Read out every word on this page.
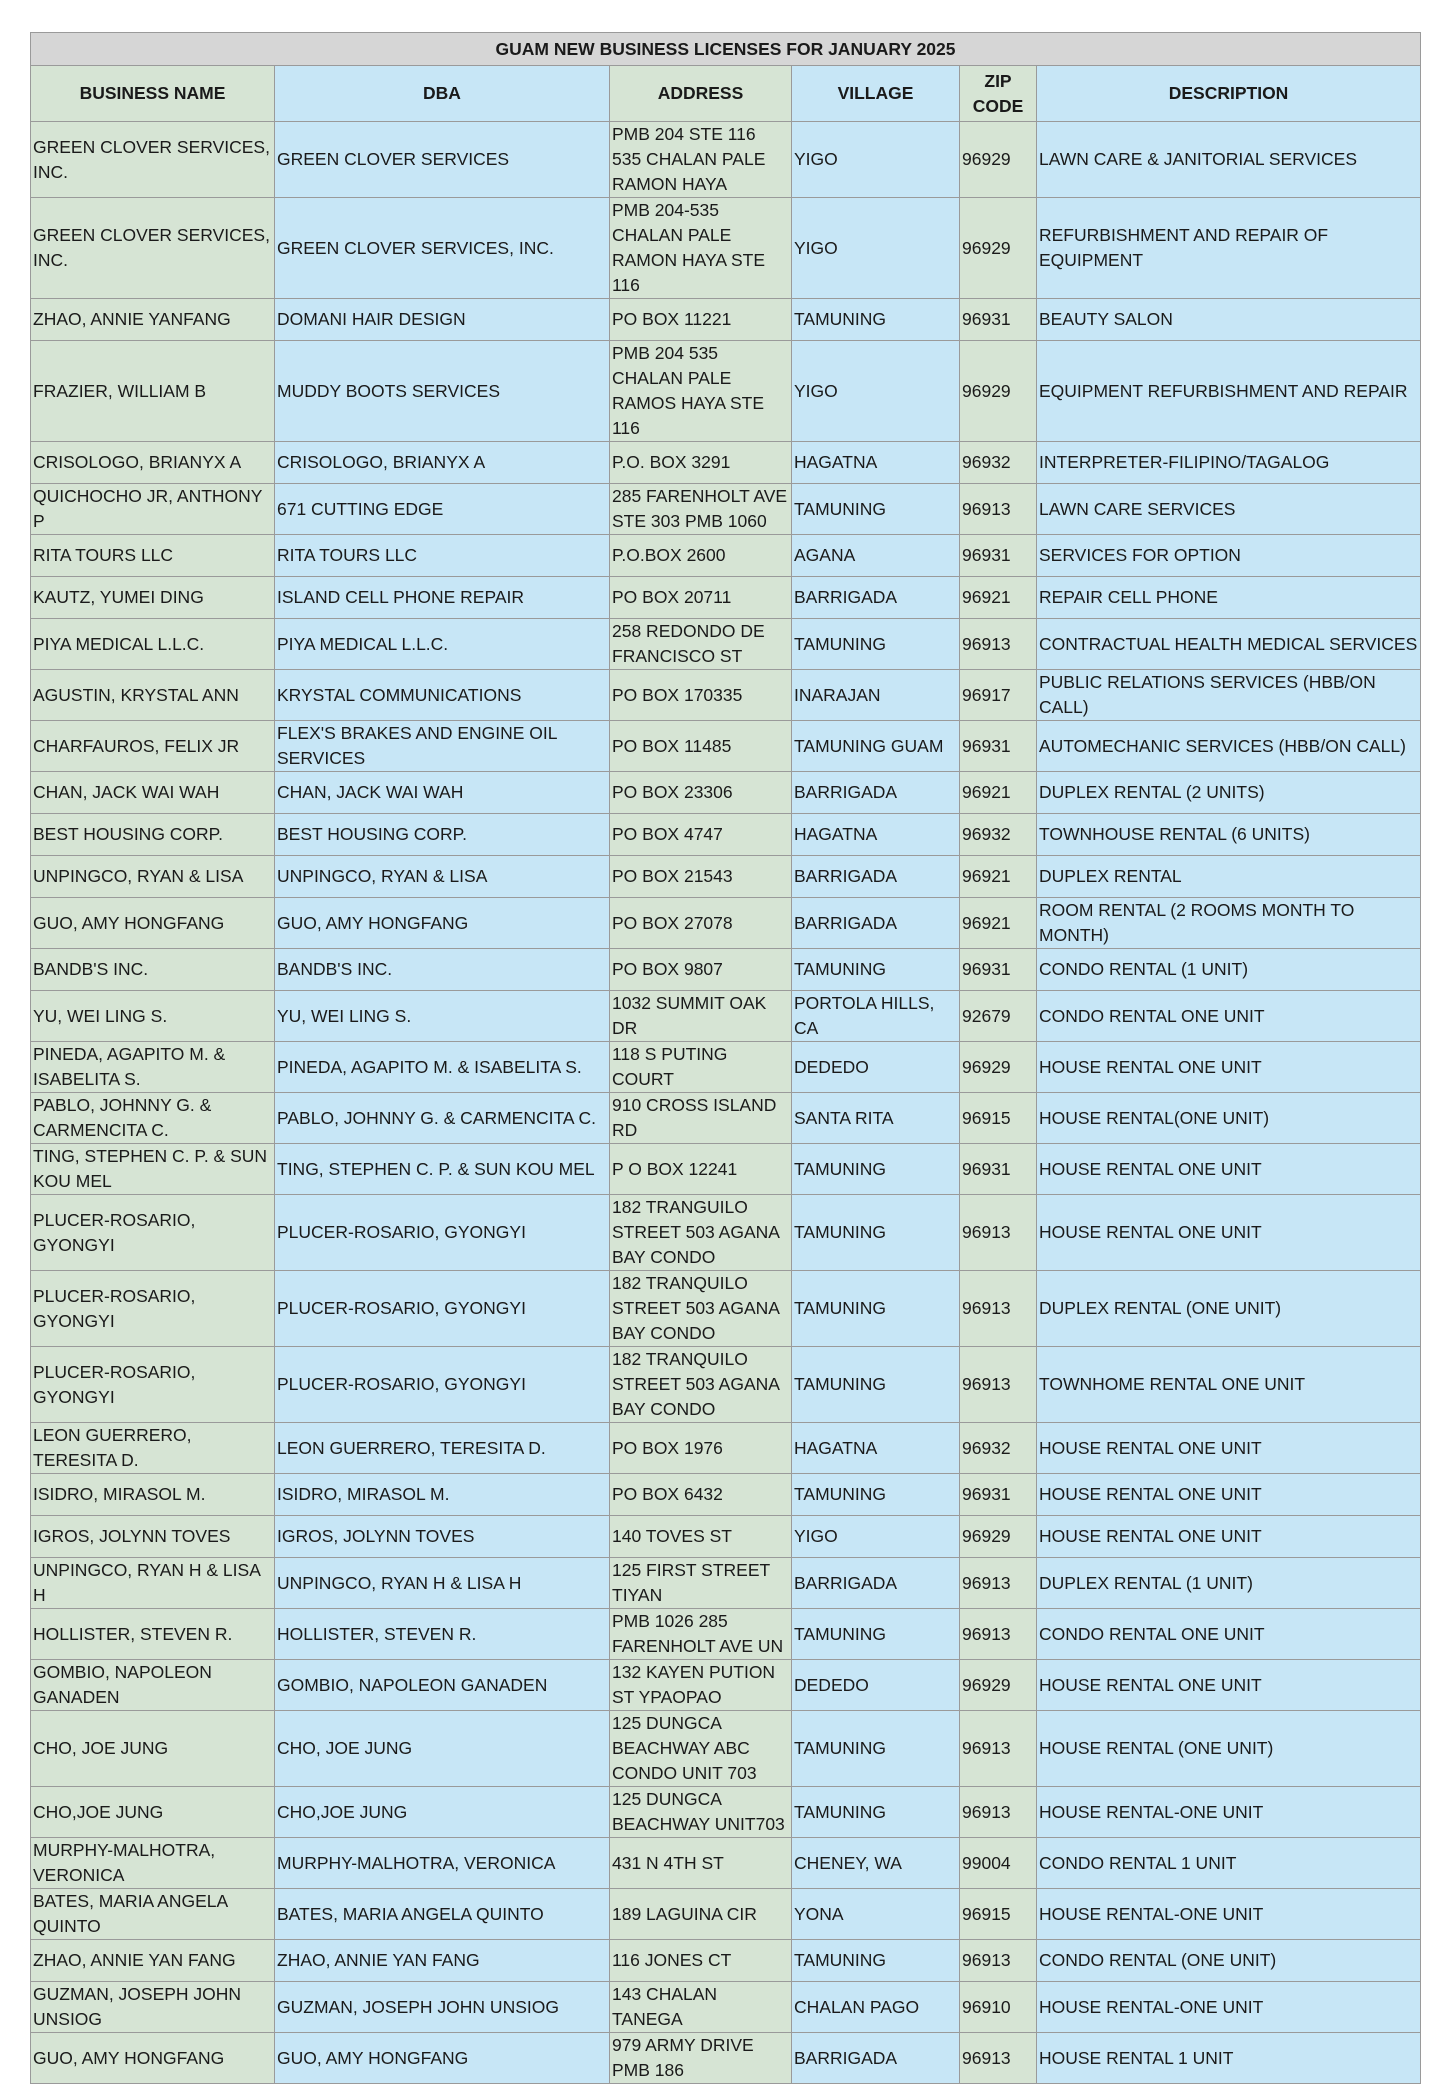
GUAM NEW BUSINESS LICENSES FOR JANUARY 2025					
BUSINESS NAME	DBA	ADDRESS	VILLAGE	ZIP CODE	DESCRIPTION
GREEN CLOVER SERVICES, INC.	GREEN CLOVER SERVICES	PMB 204 STE 116 535 CHALAN PALE RAMON HAYA	YIGO	96929	LAWN CARE & JANITORIAL SERVICES
GREEN CLOVER SERVICES, INC.	GREEN CLOVER SERVICES, INC.	PMB 204-535 CHALAN PALE RAMON HAYA STE 116	YIGO	96929	REFURBISHMENT AND REPAIR OF EQUIPMENT
ZHAO, ANNIE YANFANG	DOMANI HAIR DESIGN	PO BOX 11221	TAMUNING	96931	BEAUTY SALON
FRAZIER, WILLIAM B	MUDDY BOOTS SERVICES	PMB 204 535 CHALAN PALE RAMOS HAYA STE 116	YIGO	96929	EQUIPMENT REFURBISHMENT AND REPAIR
CRISOLOGO, BRIANYX A	CRISOLOGO, BRIANYX A	P.O. BOX 3291	HAGATNA	96932	INTERPRETER-FILIPINO/TAGALOG
QUICHOCHO JR, ANTHONY P	671 CUTTING EDGE	285 FARENHOLT AVE STE 303 PMB 1060	TAMUNING	96913	LAWN CARE SERVICES
RITA TOURS LLC	RITA TOURS LLC	P.O.BOX 2600	AGANA	96931	SERVICES FOR OPTION
KAUTZ, YUMEI DING	ISLAND CELL PHONE REPAIR	PO BOX 20711	BARRIGADA	96921	REPAIR CELL PHONE
PIYA MEDICAL L.L.C.	PIYA MEDICAL L.L.C.	258 REDONDO DE FRANCISCO ST	TAMUNING	96913	CONTRACTUAL HEALTH MEDICAL SERVICES
AGUSTIN, KRYSTAL ANN	KRYSTAL COMMUNICATIONS	PO BOX 170335	INARAJAN	96917	PUBLIC RELATIONS SERVICES (HBB/ON CALL)
CHARFAUROS, FELIX JR	FLEX'S BRAKES AND ENGINE OIL SERVICES	PO BOX 11485	TAMUNING GUAM	96931	AUTOMECHANIC SERVICES (HBB/ON CALL)
CHAN, JACK WAI WAH	CHAN, JACK WAI WAH	PO BOX 23306	BARRIGADA	96921	DUPLEX RENTAL (2 UNITS)
BEST HOUSING CORP.	BEST HOUSING CORP.	PO BOX 4747	HAGATNA	96932	TOWNHOUSE RENTAL (6 UNITS)
UNPINGCO, RYAN & LISA	UNPINGCO, RYAN & LISA	PO BOX 21543	BARRIGADA	96921	DUPLEX RENTAL
GUO, AMY HONGFANG	GUO, AMY HONGFANG	PO BOX 27078	BARRIGADA	96921	ROOM RENTAL (2 ROOMS MONTH TO MONTH)
BANDB'S INC.	BANDB'S INC.	PO BOX 9807	TAMUNING	96931	CONDO RENTAL (1 UNIT)
YU, WEI LING S.	YU, WEI LING S.	1032 SUMMIT OAK DR	PORTOLA HILLS, CA	92679	CONDO RENTAL ONE UNIT
PINEDA, AGAPITO M. & ISABELITA S.	PINEDA, AGAPITO M. & ISABELITA S.	118 S PUTING COURT	DEDEDO	96929	HOUSE RENTAL ONE UNIT
PABLO, JOHNNY G. & CARMENCITA C.	PABLO, JOHNNY G. & CARMENCITA C.	910 CROSS ISLAND RD	SANTA RITA	96915	HOUSE RENTAL(ONE UNIT)
TING, STEPHEN C. P. & SUN KOU MEL	TING, STEPHEN C. P. & SUN KOU MEL	P O BOX 12241	TAMUNING	96931	HOUSE RENTAL ONE UNIT
PLUCER-ROSARIO, GYONGYI	PLUCER-ROSARIO, GYONGYI	182 TRANGUILO STREET 503 AGANA BAY CONDO	TAMUNING	96913	HOUSE RENTAL ONE UNIT
PLUCER-ROSARIO, GYONGYI	PLUCER-ROSARIO, GYONGYI	182 TRANQUILO STREET 503 AGANA BAY CONDO	TAMUNING	96913	DUPLEX RENTAL (ONE UNIT)
PLUCER-ROSARIO, GYONGYI	PLUCER-ROSARIO, GYONGYI	182 TRANQUILO STREET 503 AGANA BAY CONDO	TAMUNING	96913	TOWNHOME RENTAL ONE UNIT
LEON GUERRERO, TERESITA D.	LEON GUERRERO, TERESITA D.	PO BOX 1976	HAGATNA	96932	HOUSE RENTAL ONE UNIT
ISIDRO, MIRASOL M.	ISIDRO, MIRASOL M.	PO BOX 6432	TAMUNING	96931	HOUSE RENTAL ONE UNIT
IGROS, JOLYNN TOVES	IGROS, JOLYNN TOVES	140 TOVES ST	YIGO	96929	HOUSE RENTAL ONE UNIT
UNPINGCO, RYAN H & LISA H	UNPINGCO, RYAN H & LISA H	125 FIRST STREET TIYAN	BARRIGADA	96913	DUPLEX RENTAL (1 UNIT)
HOLLISTER, STEVEN R.	HOLLISTER, STEVEN R.	PMB 1026 285 FARENHOLT AVE UN	TAMUNING	96913	CONDO RENTAL ONE UNIT
GOMBIO, NAPOLEON GANADEN	GOMBIO, NAPOLEON GANADEN	132 KAYEN PUTION ST YPAOPAO	DEDEDO	96929	HOUSE RENTAL ONE UNIT
CHO, JOE JUNG	CHO, JOE JUNG	125 DUNGCA BEACHWAY ABC CONDO UNIT 703	TAMUNING	96913	HOUSE RENTAL (ONE UNIT)
CHO,JOE JUNG	CHO,JOE JUNG	125 DUNGCA BEACHWAY UNIT703	TAMUNING	96913	HOUSE RENTAL-ONE UNIT
MURPHY-MALHOTRA, VERONICA	MURPHY-MALHOTRA, VERONICA	431 N 4TH ST	CHENEY, WA	99004	CONDO RENTAL 1 UNIT
BATES, MARIA ANGELA QUINTO	BATES, MARIA ANGELA QUINTO	189 LAGUINA CIR	YONA	96915	HOUSE RENTAL-ONE UNIT
ZHAO, ANNIE YAN FANG	ZHAO, ANNIE YAN FANG	116 JONES CT	TAMUNING	96913	CONDO RENTAL (ONE UNIT)
GUZMAN, JOSEPH JOHN UNSIOG	GUZMAN, JOSEPH JOHN UNSIOG	143 CHALAN TANEGA	CHALAN PAGO	96910	HOUSE RENTAL-ONE UNIT
GUO, AMY HONGFANG	GUO, AMY HONGFANG	979 ARMY DRIVE PMB 186	BARRIGADA	96913	HOUSE RENTAL 1 UNIT
